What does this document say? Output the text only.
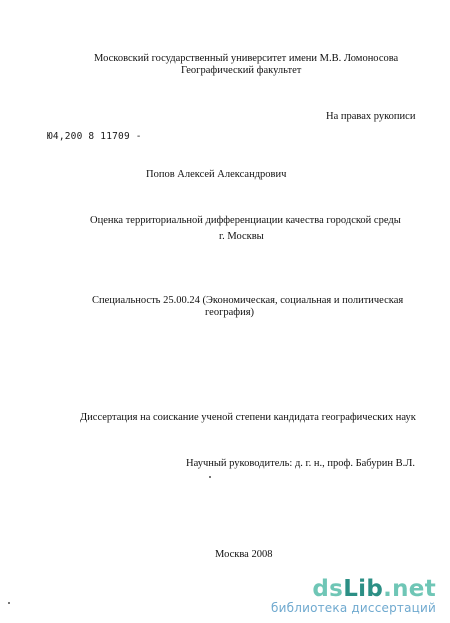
Московский государственный университет имени М.В. Ломоносова
Географический факультет
На правах рукописи
Ю4,200 8 11709 -
Попов Алексей Александрович
Оценка территориальной дифференциации качества городской среды
г. Москвы
Специальность 25.00.24 (Экономическая, социальная и политическая
география)
Диссертация на соискание ученой степени кандидата географических наук
Научный руководитель: д. г. н., проф. Бабурин В.Л.
Москва 2008
dsLib.net
библиотека диссертаций
